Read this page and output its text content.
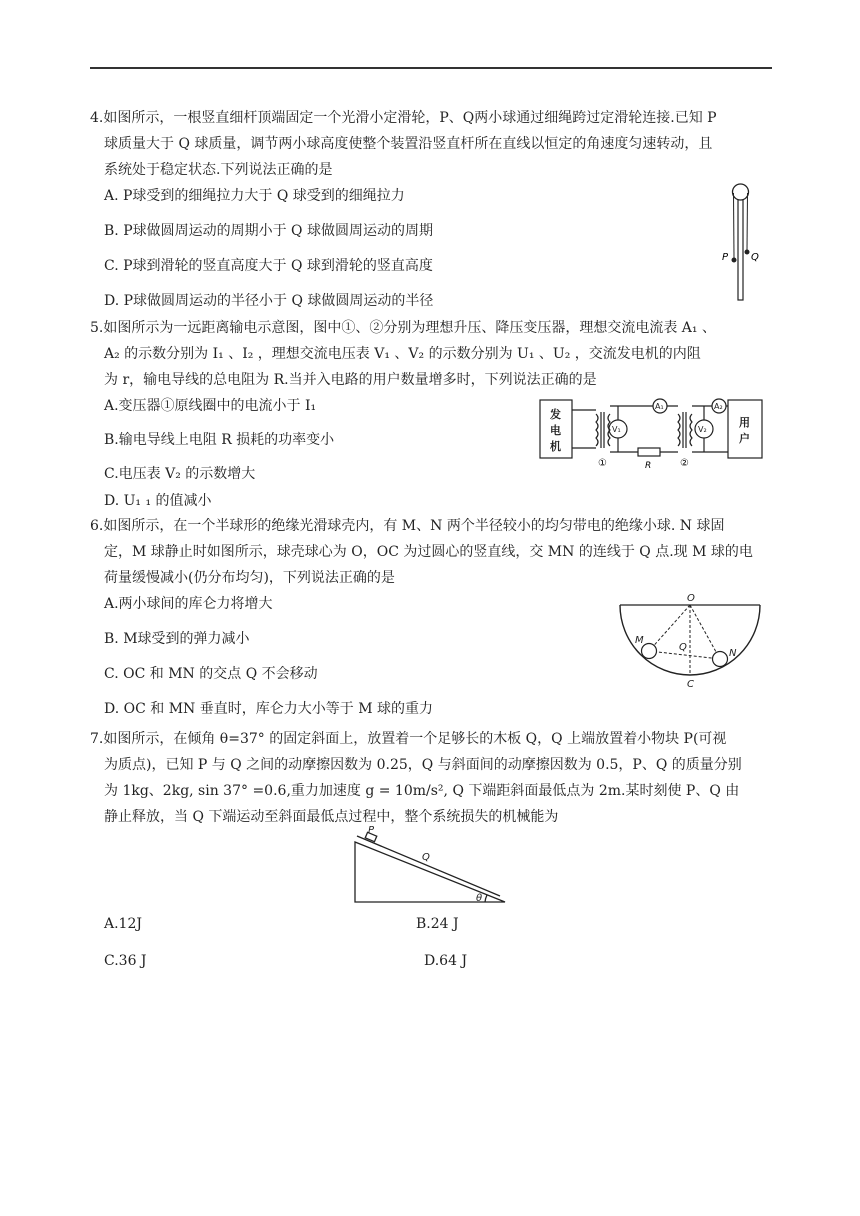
4.如图所示，一根竖直细杆顶端固定一个光滑小定滑轮，P、Q两小球通过细绳跨过定滑轮连接.已知 P
球质量大于 Q 球质量，调节两小球高度使整个装置沿竖直杆所在直线以恒定的角速度匀速转动，且
系统处于稳定状态.下列说法正确的是
A. P球受到的细绳拉力大于 Q 球受到的细绳拉力
B. P球做圆周运动的周期小于 Q 球做圆周运动的周期
C. P球到滑轮的竖直高度大于 Q 球到滑轮的竖直高度
D. P球做圆周运动的半径小于 Q 球做圆周运动的半径
P Q
5.如图所示为一远距离输电示意图，图中①、②分别为理想升压、降压变压器，理想交流电流表 A₁ 、
A₂ 的示数分别为 I₁ 、I₂ ，理想交流电压表 V₁ 、V₂ 的示数分别为 U₁ 、U₂ ，交流发电机的内阻
为 r，输电导线的总电阻为 R.当并入电路的用户数量增多时，下列说法正确的是
A.变压器①原线圈中的电流小于 I₁
B.输电导线上电阻 R 损耗的功率变小
C.电压表 V₂ 的示数增大
D. U₁ ₁ 的值减小
发
电
机
用
户
V₁	V₂
A₁	A₂
R
①	②
6.如图所示，在一个半球形的绝缘光滑球壳内，有 M、N 两个半径较小的均匀带电的绝缘小球. N 球固
定，M 球静止时如图所示，球壳球心为 O，OC 为过圆心的竖直线，交 MN 的连线于 Q 点.现 M 球的电
荷量缓慢减小(仍分布均匀)，下列说法正确的是
A.两小球间的库仑力将增大
B. M球受到的弹力减小
C. OC 和 MN 的交点 Q 不会移动
D. OC 和 MN 垂直时，库仑力大小等于 M 球的重力
O
M
N
Q
C
7.如图所示，在倾角 θ=37° 的固定斜面上，放置着一个足够长的木板 Q，Q 上端放置着小物块 P(可视
为质点)，已知 P 与 Q 之间的动摩擦因数为 0.25，Q 与斜面间的动摩擦因数为 0.5，P、Q 的质量分别
为 1kg、2kg, sin 37° =0.6,重力加速度 g = 10m/s², Q 下端距斜面最低点为 2m.某时刻使 P、Q 由
静止释放，当 Q 下端运动至斜面最低点过程中，整个系统损失的机械能为
P
Q
θ
A.12J	B.24 J
C.36 J	D.64 J
